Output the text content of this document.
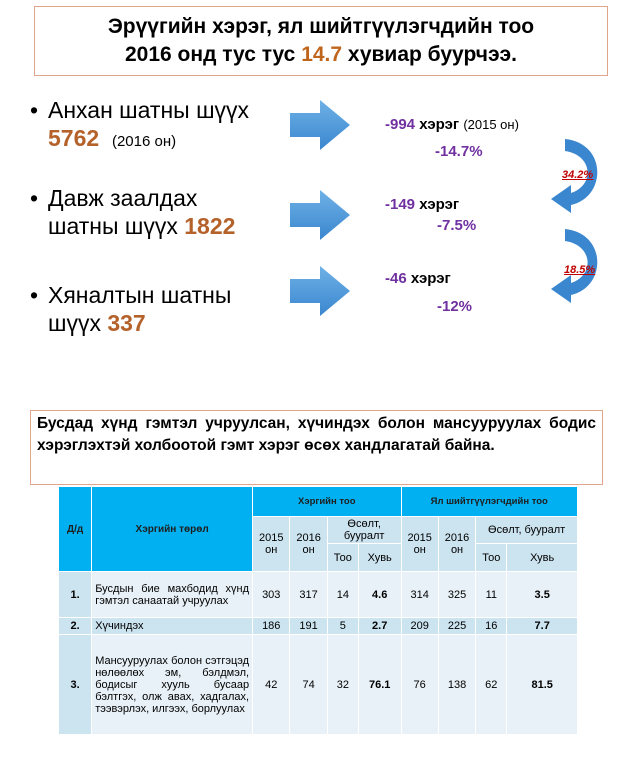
Эрүүгийн хэрэг, ял шийтгүүлэгчдийн тоо
2016 онд тус тус 14.7 хувиар буурчээ.
• Анхан шатны шүүх
5762 (2016 он)
-994 хэрэг (2015 он)
-14.7%
• Давж заалдах
шатны шүүх 1822
-149 хэрэг
-7.5%
• Хяналтын шатны
шүүх 337
-46 хэрэг
-12%
34.2%
18.5%
Бусдад хүнд гэмтэл учруулсан, хүчиндэх болон мансууруулах бодис хэрэглэхтэй холбоотой гэмт хэрэг өсөх хандлагатай байна.
Д/д	Хэргийн төрөл	Хэргийн тоо				Ял шийтгүүлэгчдийн тоо			
		2015 он	2016 он	Өсөлт, бууралт		2015 он	2016 он	Өсөлт, бууралт	
				Тоо	Хувь			Тоо	Хувь
1.	Бусдын бие махбодид хүнд гэмтэл санаатай учруулах	303	317	14	4.6	314	325	11	3.5
2.	Хүчиндэх	186	191	5	2.7	209	225	16	7.7
3.	Мансууруулах болон сэтгэцэд нөлөөлөх эм, бэлдмэл, бодисыг хууль бусаар бэлтгэх, олж авах, хадгалах, тээвэрлэх, илгээх, борлуулах	42	74	32	76.1	76	138	62	81.5
